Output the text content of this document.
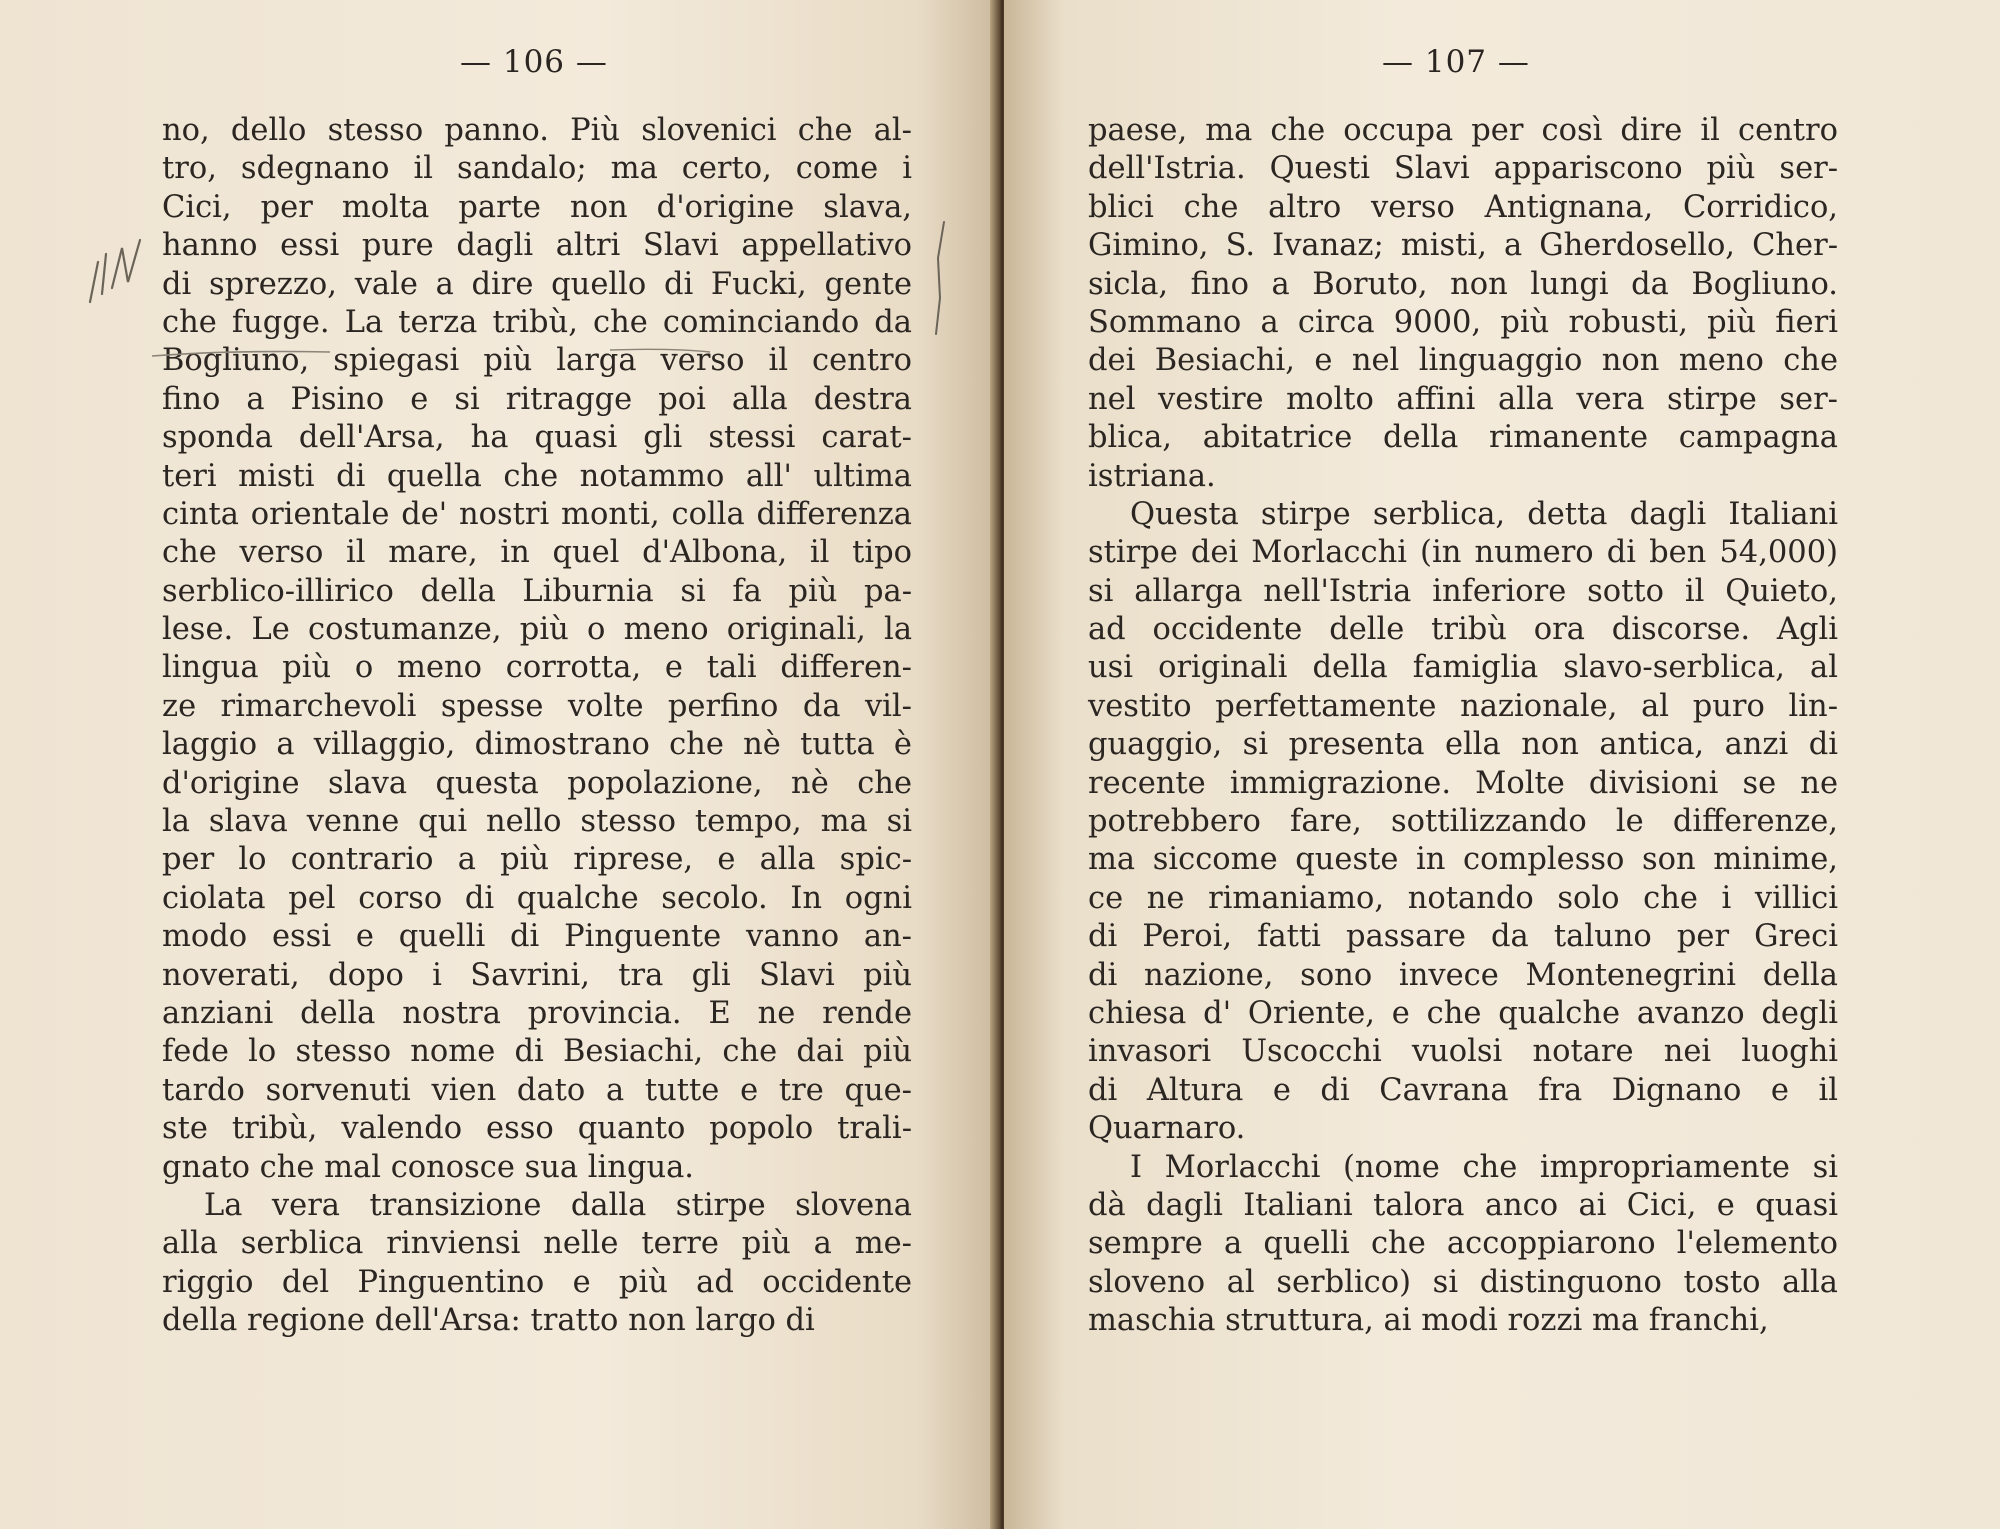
— 106 —
no, dello stesso panno. Più slovenici che al-
tro, sdegnano il sandalo; ma certo, come i
Cici, per molta parte non d'origine slava,
hanno essi pure dagli altri Slavi appellativo
di sprezzo, vale a dire quello di Fucki, gente
che fugge. La terza tribù, che cominciando da
Bogliuno, spiegasi più larga verso il centro
fino a Pisino e si ritragge poi alla destra
sponda dell'Arsa, ha quasi gli stessi carat-
teri misti di quella che notammo all' ultima
cinta orientale de' nostri monti, colla differenza
che verso il mare, in quel d'Albona, il tipo
serblico-illirico della Liburnia si fa più pa-
lese. Le costumanze, più o meno originali, la
lingua più o meno corrotta, e tali differen-
ze rimarchevoli spesse volte perfino da vil-
laggio a villaggio, dimostrano che nè tutta è
d'origine slava questa popolazione, nè che
la slava venne qui nello stesso tempo, ma si
per lo contrario a più riprese, e alla spic-
ciolata pel corso di qualche secolo. In ogni
modo essi e quelli di Pinguente vanno an-
noverati, dopo i Savrini, tra gli Slavi più
anziani della nostra provincia. E ne rende
fede lo stesso nome di Besiachi, che dai più
tardo sorvenuti vien dato a tutte e tre que-
ste tribù, valendo esso quanto popolo trali-
gnato che mal conosce sua lingua.
La vera transizione dalla stirpe slovena
alla serblica rinviensi nelle terre più a me-
riggio del Pinguentino e più ad occidente
della regione dell'Arsa: tratto non largo di
— 107 —
paese, ma che occupa per così dire il centro
dell'Istria. Questi Slavi appariscono più ser-
blici che altro verso Antignana, Corridico,
Gimino, S. Ivanaz; misti, a Gherdosello, Cher-
sicla, fino a Boruto, non lungi da Bogliuno.
Sommano a circa 9000, più robusti, più fieri
dei Besiachi, e nel linguaggio non meno che
nel vestire molto affini alla vera stirpe ser-
blica, abitatrice della rimanente campagna
istriana.
Questa stirpe serblica, detta dagli Italiani
stirpe dei Morlacchi (in numero di ben 54,000)
si allarga nell'Istria inferiore sotto il Quieto,
ad occidente delle tribù ora discorse. Agli
usi originali della famiglia slavo-serblica, al
vestito perfettamente nazionale, al puro lin-
guaggio, si presenta ella non antica, anzi di
recente immigrazione. Molte divisioni se ne
potrebbero fare, sottilizzando le differenze,
ma siccome queste in complesso son minime,
ce ne rimaniamo, notando solo che i villici
di Peroi, fatti passare da taluno per Greci
di nazione, sono invece Montenegrini della
chiesa d' Oriente, e che qualche avanzo degli
invasori Uscocchi vuolsi notare nei luoghi
di Altura e di Cavrana fra Dignano e il
Quarnaro.
I Morlacchi (nome che impropriamente si
dà dagli Italiani talora anco ai Cici, e quasi
sempre a quelli che accoppiarono l'elemento
sloveno al serblico) si distinguono tosto alla
maschia struttura, ai modi rozzi ma franchi,
